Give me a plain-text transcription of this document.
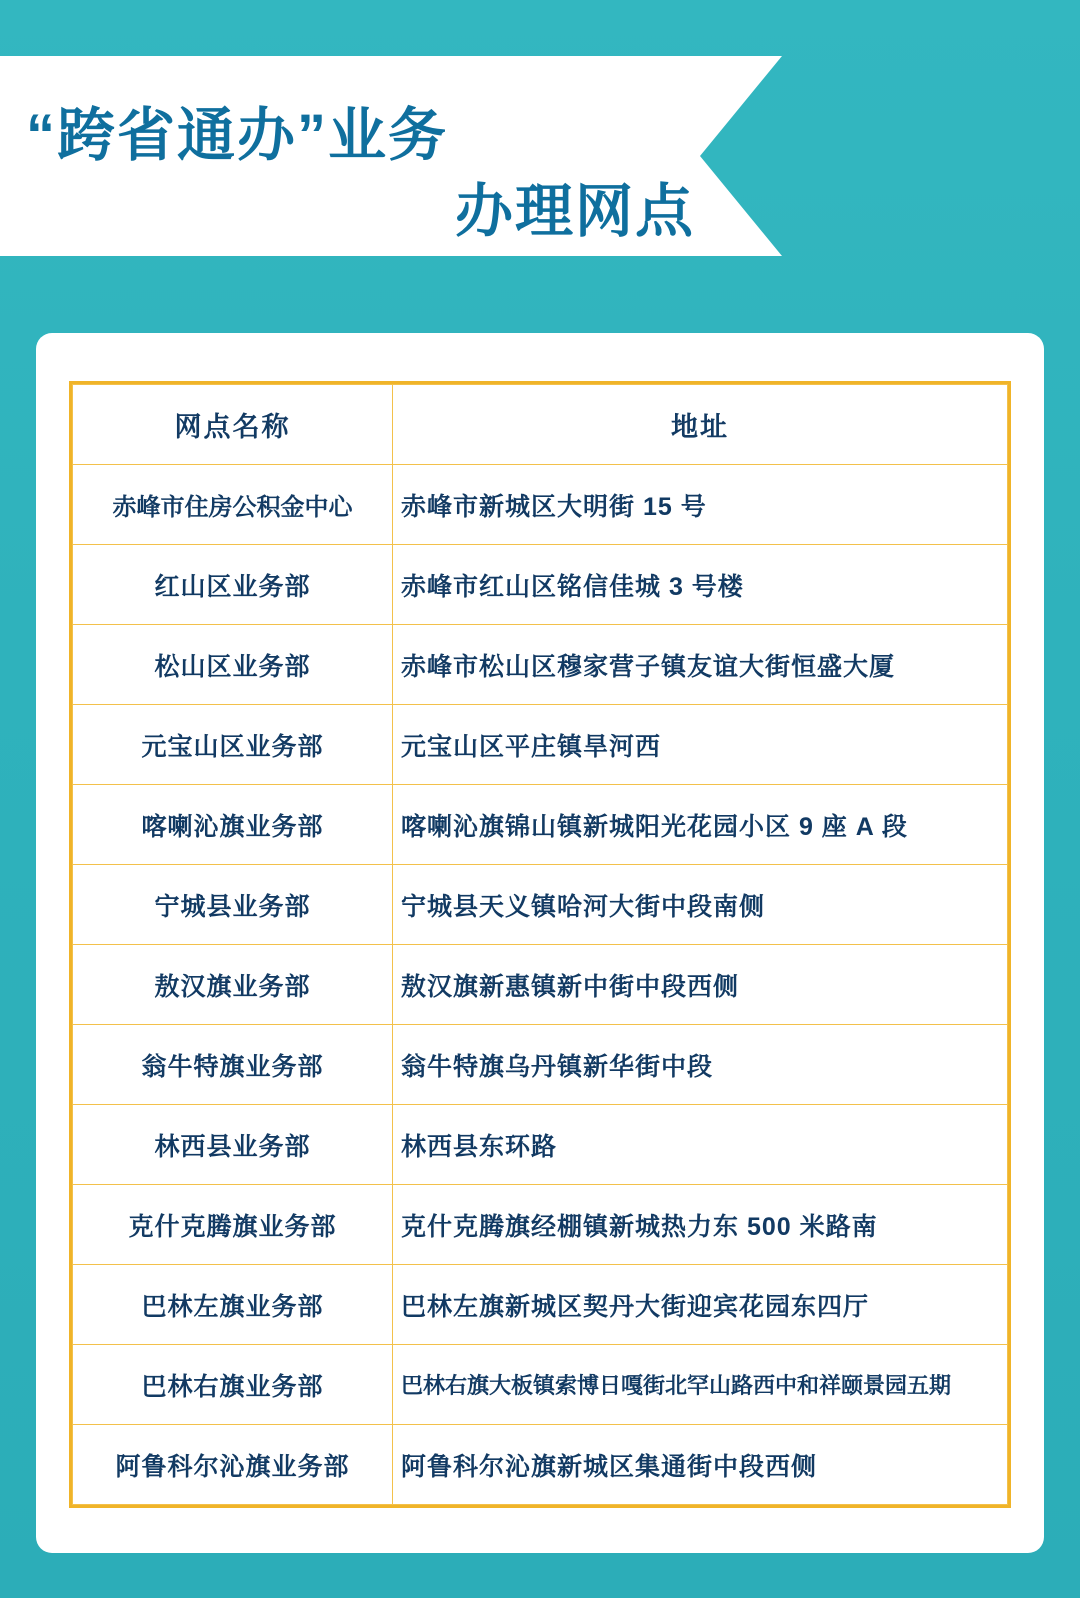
“跨省通办”业务
办理网点
网点名称	地址
赤峰市住房公积金中心	赤峰市新城区大明街 15 号
红山区业务部	赤峰市红山区铭信佳城 3 号楼
松山区业务部	赤峰市松山区穆家营子镇友谊大街恒盛大厦
元宝山区业务部	元宝山区平庄镇旱河西
喀喇沁旗业务部	喀喇沁旗锦山镇新城阳光花园小区 9 座 A 段
宁城县业务部	宁城县天义镇哈河大街中段南侧
敖汉旗业务部	敖汉旗新惠镇新中街中段西侧
翁牛特旗业务部	翁牛特旗乌丹镇新华街中段
林西县业务部	林西县东环路
克什克腾旗业务部	克什克腾旗经棚镇新城热力东 500 米路南
巴林左旗业务部	巴林左旗新城区契丹大街迎宾花园东四厅
巴林右旗业务部	巴林右旗大板镇索博日嘎街北罕山路西中和祥颐景园五期
阿鲁科尔沁旗业务部	阿鲁科尔沁旗新城区集通街中段西侧
